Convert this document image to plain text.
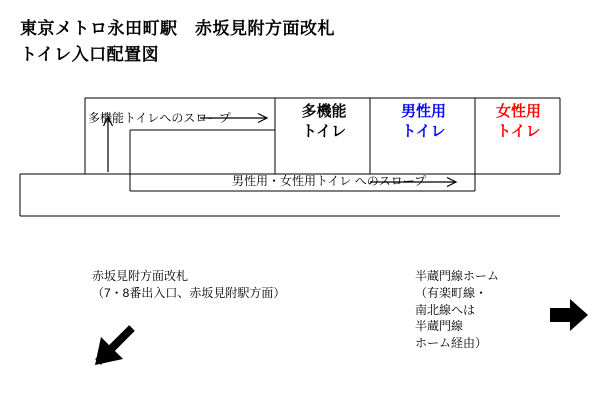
東京メトロ永田町駅　赤坂見附方面改札
トイレ入口配置図
多機能
トイレ
男性用
トイレ
女性用
トイレ
多機能トイレへのスロープ
男性用・女性用トイレ へのスロープ
赤坂見附方面改札
（7・8番出入口、赤坂見附駅方面）
半蔵門線ホーム
（有楽町線・
南北線へは
半蔵門線
ホーム経由）
